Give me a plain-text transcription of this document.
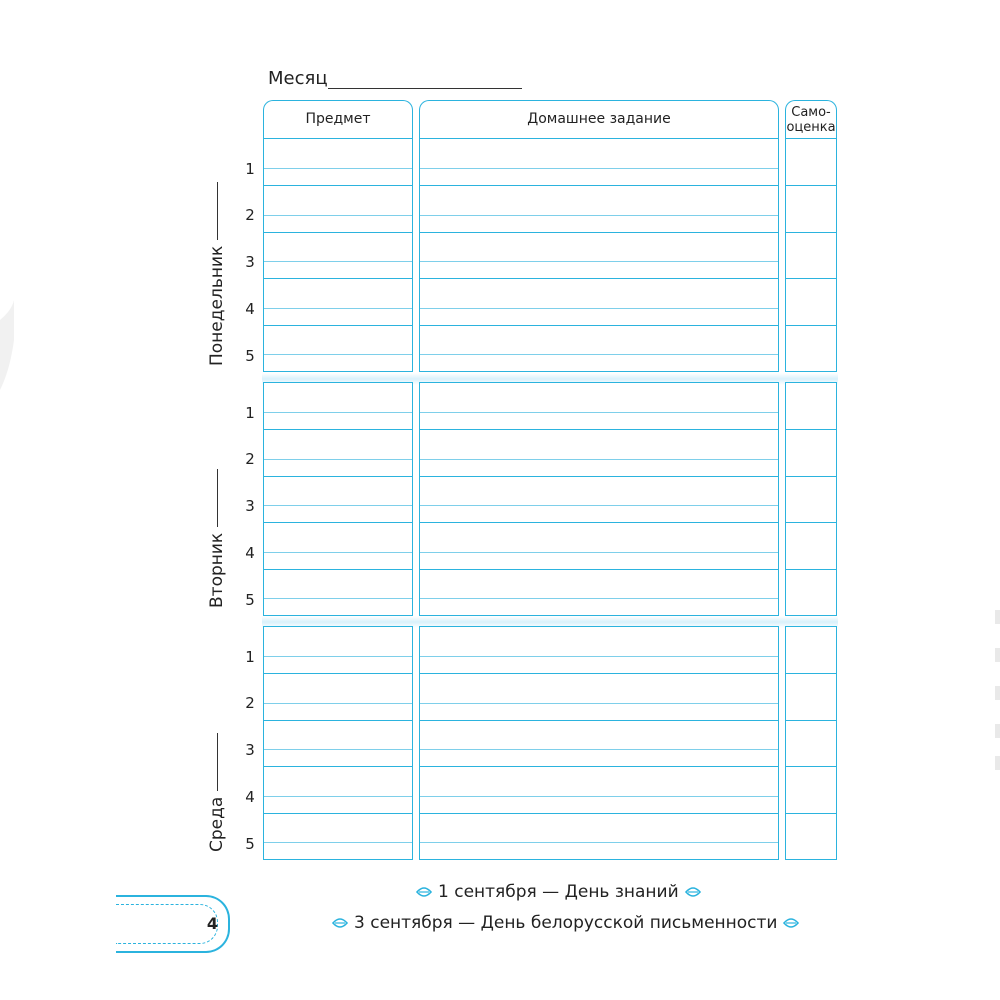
Месяц
Предмет	Домашнее задание	Само-
оценка
1
2
3
4
5
Понедельник
1
2
3
4
5
Вторник
1
2
3
4
5
Среда
4
1 сентября — День знаний
3 сентября — День белорусской письменности
